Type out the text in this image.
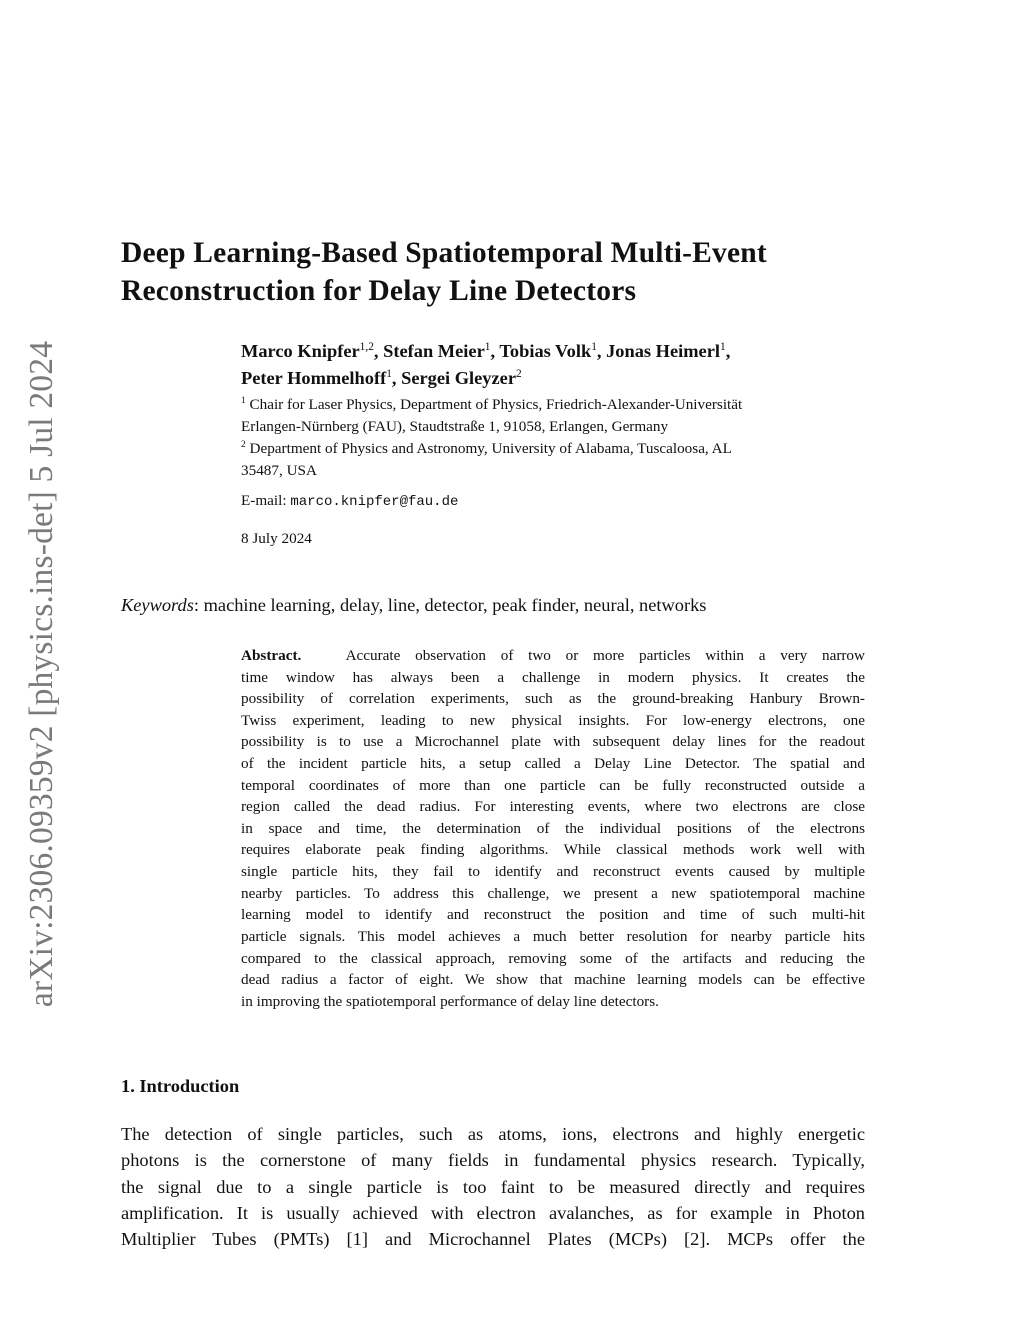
arXiv:2306.09359v2 [physics.ins-det] 5 Jul 2024
Deep Learning-Based Spatiotemporal Multi-Event
Reconstruction for Delay Line Detectors
Marco Knipfer$^{1,2}$, Stefan Meier$^1$, Tobias Volk$^1$, Jonas Heimerl$^1$,
Peter Hommelhoff$^1$, Sergei Gleyzer$^2$
$^1$ Chair for Laser Physics, Department of Physics, Friedrich-Alexander-Universität
Erlangen-Nürnberg (FAU), Staudtstraße 1, 91058, Erlangen, Germany
$^2$ Department of Physics and Astronomy, University of Alabama, Tuscaloosa, AL
35487, USA
E-mail: marco.knipfer@fau.de
8 July 2024
Keywords: machine learning, delay, line, detector, peak finder, neural, networks
Abstract.	Accurate observation of two or more particles within a very narrow
time window has always been a challenge in modern physics. It creates the
possibility of correlation experiments, such as the ground-breaking Hanbury Brown-
Twiss experiment, leading to new physical insights. For low-energy electrons, one
possibility is to use a Microchannel plate with subsequent delay lines for the readout
of the incident particle hits, a setup called a Delay Line Detector. The spatial and
temporal coordinates of more than one particle can be fully reconstructed outside a
region called the dead radius. For interesting events, where two electrons are close
in space and time, the determination of the individual positions of the electrons
requires elaborate peak finding algorithms. While classical methods work well with
single particle hits, they fail to identify and reconstruct events caused by multiple
nearby particles. To address this challenge, we present a new spatiotemporal machine
learning model to identify and reconstruct the position and time of such multi-hit
particle signals. This model achieves a much better resolution for nearby particle hits
compared to the classical approach, removing some of the artifacts and reducing the
dead radius a factor of eight. We show that machine learning models can be effective
in improving the spatiotemporal performance of delay line detectors.
1. Introduction
The detection of single particles, such as atoms, ions, electrons and highly energetic
photons is the cornerstone of many fields in fundamental physics research. Typically,
the signal due to a single particle is too faint to be measured directly and requires
amplification. It is usually achieved with electron avalanches, as for example in Photon
Multiplier Tubes (PMTs) [1] and Microchannel Plates (MCPs) [2]. MCPs offer the
